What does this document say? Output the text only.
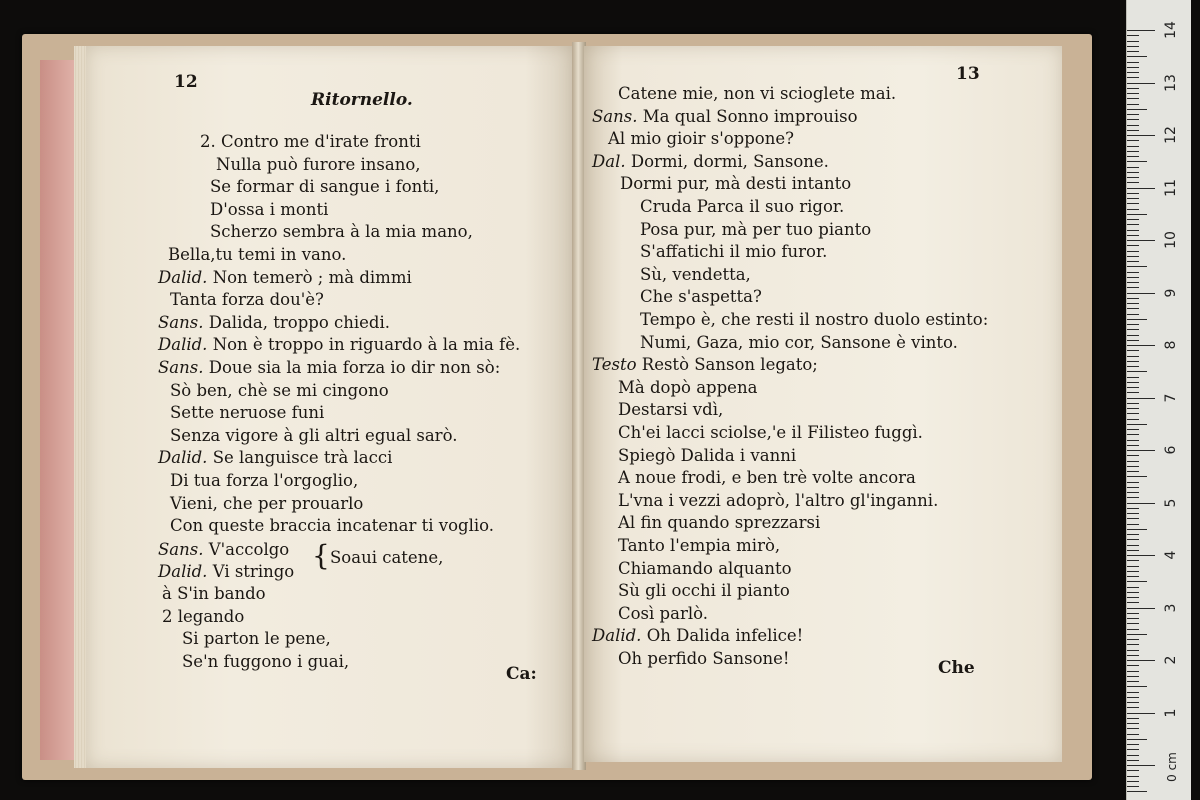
12
Ritornello.
2. Contro me d'irate fronti
Nulla può furore insano,
Se formar di sangue i fonti,
D'ossa i monti
Scherzo sembra à la mia mano,
Bella,tu temi in vano.
Dalid. Non temerò ; mà dimmi
Tanta forza dou'è?
Sans. Dalida, troppo chiedi.
Dalid. Non è troppo in riguardo à la mia fè.
Sans. Doue sia la mia forza io dir non sò:
Sò ben, chè se mi cingono
Sette neruose funi
Senza vigore à gli altri egual sarò.
Dalid. Se languisce trà lacci
Di tua forza l'orgoglio,
Vieni, che per prouarlo
Con queste braccia incatenar ti voglio.
Sans. V'accolgo
Dalid. Vi stringo { Soaui catene,
à S'in bando
2 legando
Si parton le pene,
Se'n fuggono i guai,
Ca:
13
Catene mie, non vi scioglete mai.
Sans. Ma qual Sonno improuiso
Al mio gioir s'oppone?
Dal. Dormi, dormi, Sansone.
Dormi pur, mà desti intanto
Cruda Parca il suo rigor.
Posa pur, mà per tuo pianto
S'affatichi il mio furor.
Sù, vendetta,
Che s'aspetta?
Tempo è, che resti il nostro duolo estinto:
Numi, Gaza, mio cor, Sansone è vinto.
Testo Restò Sanson legato;
Mà dopò appena
Destarsi vdì,
Ch'ei lacci sciolse,'e il Filisteo fuggì.
Spiegò Dalida i vanni
A noue frodi, e ben trè volte ancora
L'vna i vezzi adoprò, l'altro gl'inganni.
Al fin quando sprezzarsi
Tanto l'empia mirò,
Chiamando alquanto
Sù gli occhi il pianto
Così parlò.
Dalid. Oh Dalida infelice!
Oh perfido Sansone!	Che
14
13
12
11
10
9
8
7
6
5
4
3
2
1
0 cm
